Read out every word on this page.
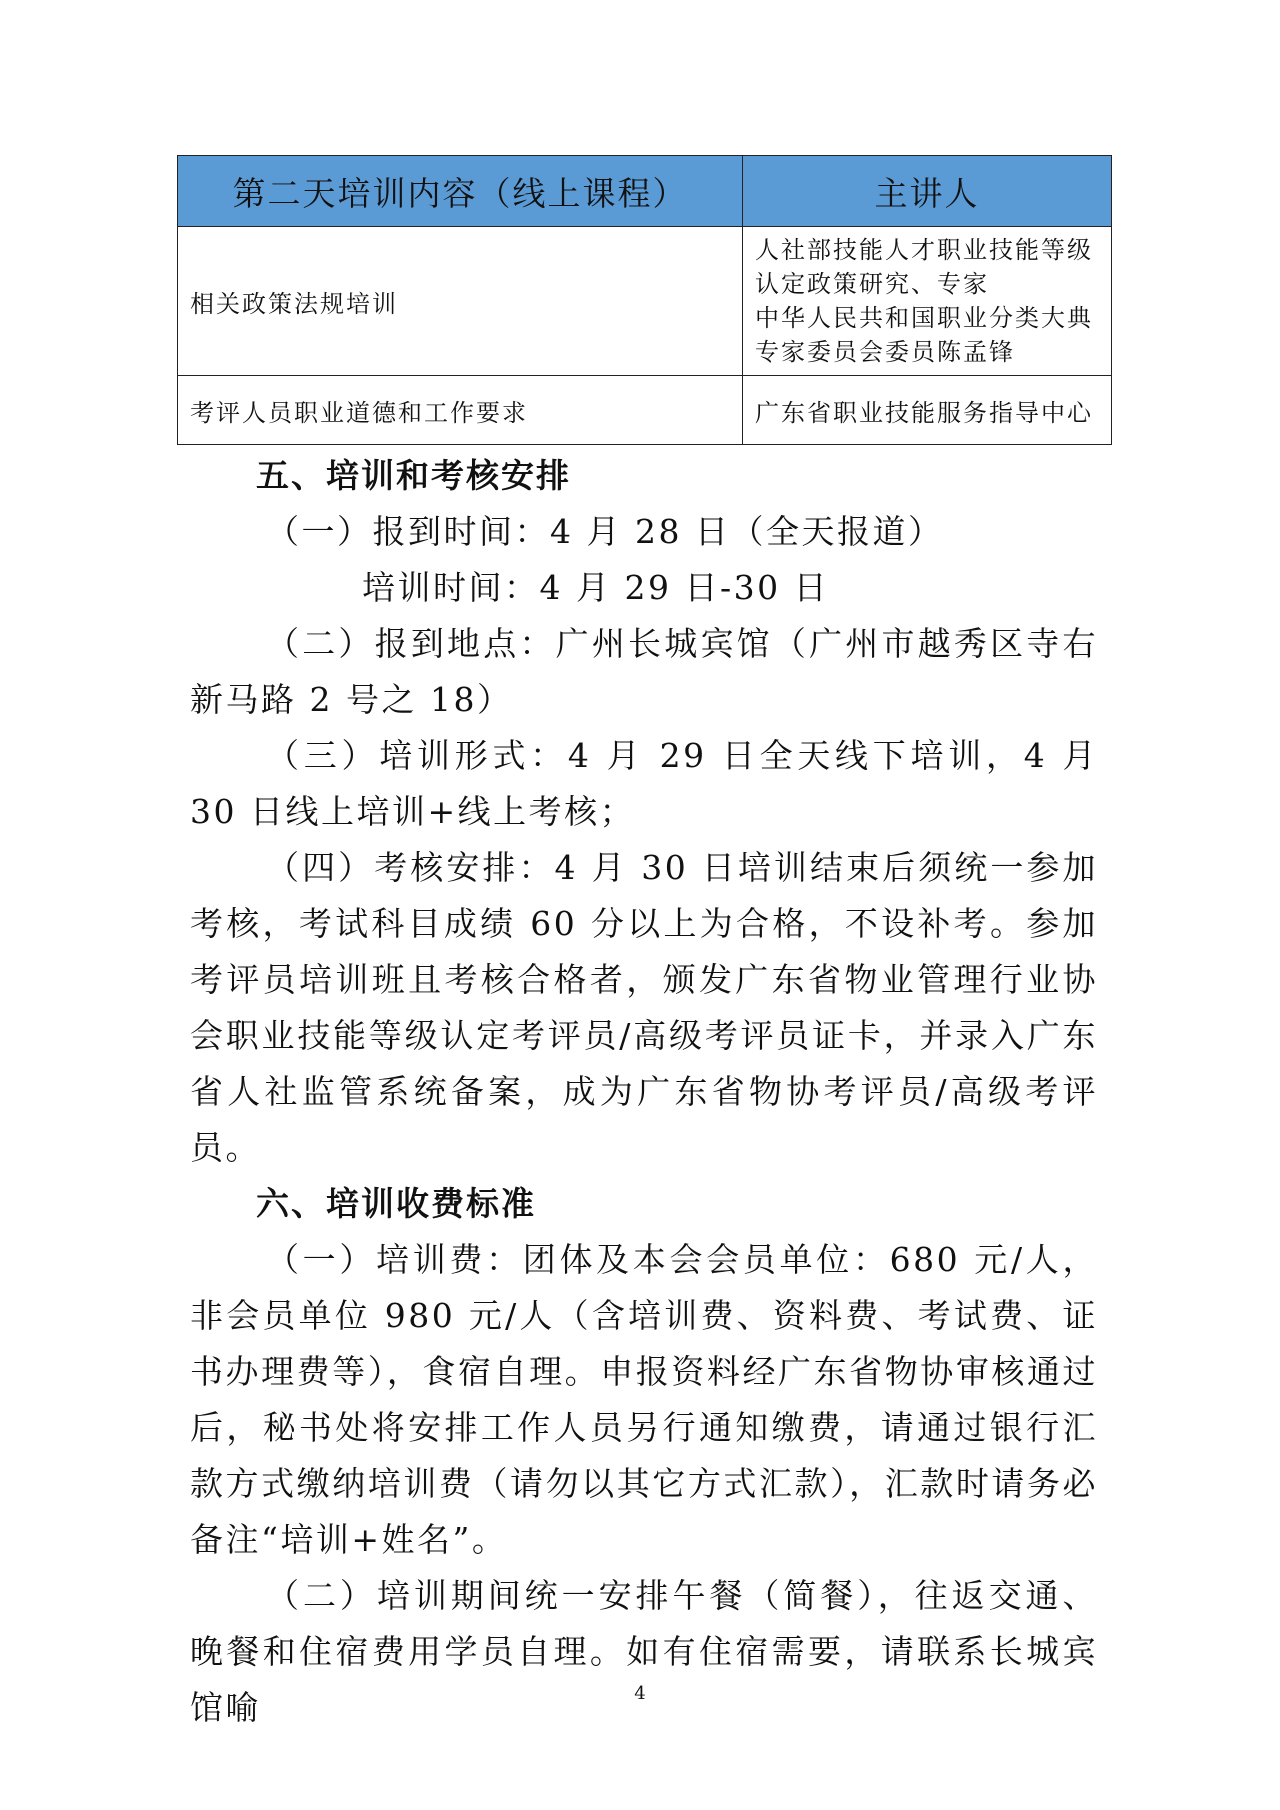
第二天培训内容（线上课程）	主讲人
相关政策法规培训	人社部技能人才职业技能等级
认定政策研究、专家
中华人民共和国职业分类大典
专家委员会委员陈孟锋

考评人员职业道德和工作要求	广东省职业技能服务指导中心

五、培训和考核安排

（一）报到时间：4 月 28 日（全天报道）

培训时间：4 月 29 日-30 日

（二）报到地点：广州长城宾馆（广州市越秀区寺右新马路 2 号之 18）

（三）培训形式：4 月 29 日全天线下培训，4 月 30 日线上培训+线上考核；

（四）考核安排：4 月 30 日培训结束后须统一参加考核，考试科目成绩 60 分以上为合格，不设补考。参加考评员培训班且考核合格者，颁发广东省物业管理行业协会职业技能等级认定考评员/高级考评员证卡，并录入广东省人社监管系统备案，成为广东省物协考评员/高级考评员。

六、培训收费标准

（一）培训费：团体及本会会员单位：680 元/人，非会员单位 980 元/人（含培训费、资料费、考试费、证书办理费等），食宿自理。申报资料经广东省物协审核通过后，秘书处将安排工作人员另行通知缴费，请通过银行汇款方式缴纳培训费（请勿以其它方式汇款），汇款时请务必备注“培训+姓名”。

（二）培训期间统一安排午餐（简餐），往返交通、晚餐和住宿费用学员自理。如有住宿需要，请联系长城宾馆喻	4
